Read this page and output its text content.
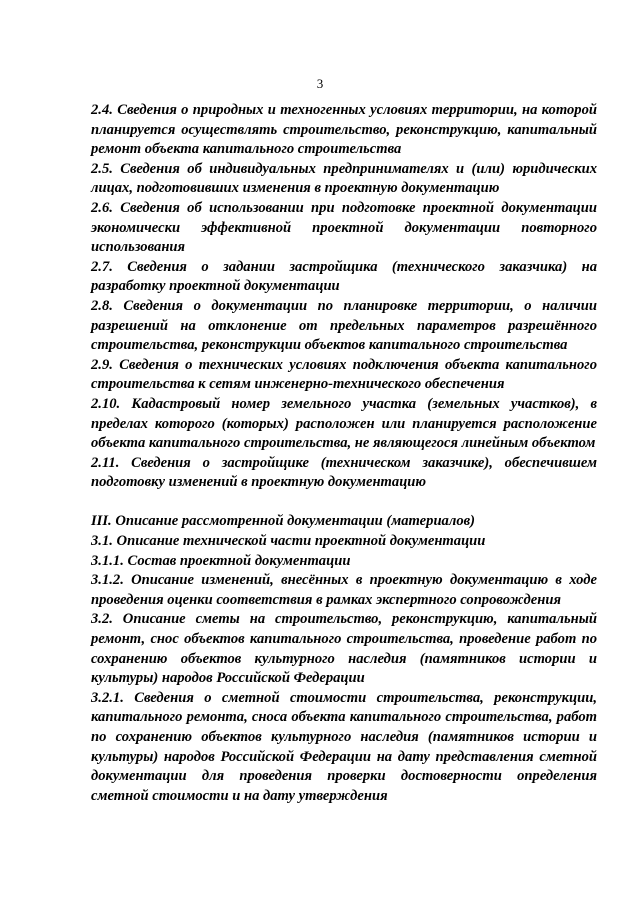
3

2.4. Сведения о природных и техногенных условиях территории, на которой планируется осуществлять строительство, реконструкцию, капитальный ремонт объекта капитального строительства

2.5. Сведения об индивидуальных предпринимателях и (или) юридических лицах, подготовивших изменения в проектную документацию

2.6. Сведения об использовании при подготовке проектной документации экономически эффективной проектной документации повторного использования

2.7. Сведения о задании застройщика (технического заказчика) на разработку проектной документации

2.8. Сведения о документации по планировке территории, о наличии разрешений на отклонение от предельных параметров разрешённого строительства, реконструкции объектов капитального строительства

2.9. Сведения о технических условиях подключения объекта капитального строительства к сетям инженерно-технического обеспечения

2.10. Кадастровый номер земельного участка (земельных участков), в пределах которого (которых) расположен или планируется расположение объекта капитального строительства, не являющегося линейным объектом

2.11. Сведения о застройщике (техническом заказчике), обеспечившем подготовку изменений в проектную документацию

III. Описание рассмотренной документации (материалов)

3.1. Описание технической части проектной документации

3.1.1. Состав проектной документации

3.1.2. Описание изменений, внесённых в проектную документацию в ходе проведения оценки соответствия в рамках экспертного сопровождения

3.2. Описание сметы на строительство, реконструкцию, капитальный ремонт, снос объектов капитального строительства, проведение работ по сохранению объектов культурного наследия (памятников истории и культуры) народов Российской Федерации

3.2.1. Сведения о сметной стоимости строительства, реконструкции, капитального ремонта, сноса объекта капитального строительства, работ по сохранению объектов культурного наследия (памятников истории и культуры) народов Российской Федерации на дату представления сметной документации для проведения проверки достоверности определения сметной стоимости и на дату утверждения
